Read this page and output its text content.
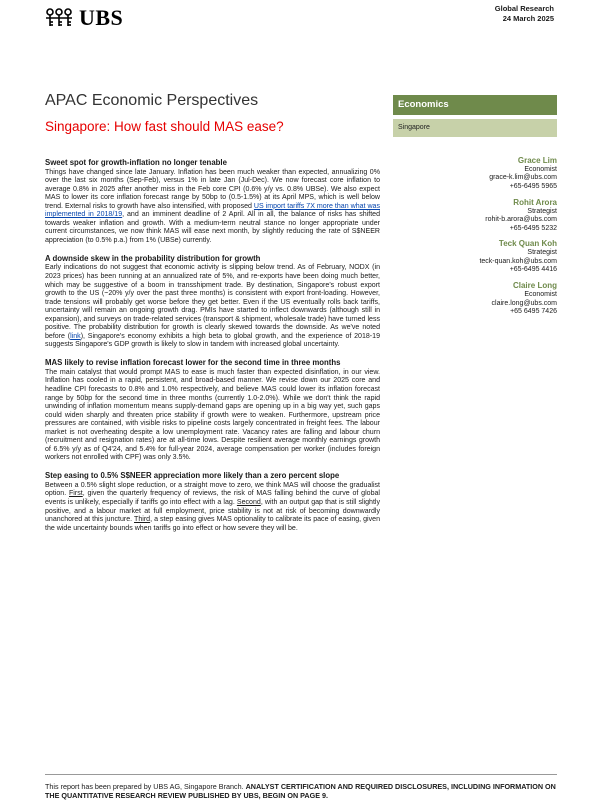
UBS	Global Research
24 March 2025
APAC Economic Perspectives
Singapore: How fast should MAS ease?
Economics
Singapore
Grace Lim
Economist
grace-k.lim@ubs.com
+65-6495 5965
Rohit Arora
Strategist
rohit-b.arora@ubs.com
+65-6495 5232
Teck Quan Koh
Strategist
teck-quan.koh@ubs.com
+65-6495 4416
Claire Long
Economist
claire.long@ubs.com
+65 6495 7426
Sweet spot for growth-inflation no longer tenable

Things have changed since late January. Inflation has been much weaker than expected, annualizing 0% over the last six months (Sep-Feb), versus 1% in late Jan (Jul-Dec). We now forecast core inflation to average 0.8% in 2025 after another miss in the Feb core CPI (0.6% y/y vs. 0.8% UBSe). We also expect MAS to lower its core inflation forecast range by 50bp to (0.5-1.5%) at its April MPS, which is well below trend. External risks to growth have also intensified, with proposed US import tariffs 7X more than what was implemented in 2018/19, and an imminent deadline of 2 April. All in all, the balance of risks has shifted towards weaker inflation and growth. With a medium-term neutral stance no longer appropriate under current circumstances, we now think MAS will ease next month, by slightly reducing the rate of S$NEER appreciation (to 0.5% p.a.) from 1% (UBSe) currently.

A downside skew in the probability distribution for growth

Early indications do not suggest that economic activity is slipping below trend. As of February, NODX (in 2023 prices) has been running at an annualized rate of 5%, and re-exports have been doing much better, which may be suggestive of a boom in transshipment trade. By destination, Singapore's robust export growth to the US (~20% y/y over the past three months) is consistent with export front-loading. However, trade tensions will probably get worse before they get better. Even if the US eventually rolls back tariffs, uncertainty will remain an ongoing growth drag. PMIs have started to inflect downwards (although still in expansion), and surveys on trade-related services (transport & shipment, wholesale trade) have turned less positive. The probability distribution for growth is clearly skewed towards the downside. As we've noted before (link), Singapore's economy exhibits a high beta to global growth, and the experience of 2018-19 suggests Singapore's GDP growth is likely to slow in tandem with increased global uncertainty.

MAS likely to revise inflation forecast lower for the second time in three months

The main catalyst that would prompt MAS to ease is much faster than expected disinflation, in our view. Inflation has cooled in a rapid, persistent, and broad-based manner. We revise down our 2025 core and headline CPI forecasts to 0.8% and 1.0% respectively, and believe MAS could lower its inflation forecast range by 50bp for the second time in three months (currently 1.0-2.0%). While we don't think the rapid unwinding of inflation momentum means supply-demand gaps are opening up in a big way yet, such gaps could widen sharply and threaten price stability if growth were to weaken. Furthermore, upstream price pressures are contained, with visible risks to pipeline costs largely concentrated in freight fees. The labour market is not overheating despite a low unemployment rate. Vacancy rates are falling and labour churn (recruitment and resignation rates) are at all-time lows. Despite resilient average monthly earnings growth of 6.5% y/y as of Q4'24, and 5.4% for full-year 2024, average compensation per worker (includes foreign workers not enrolled with CPF) was only 3.5%.

Step easing to 0.5% S$NEER appreciation more likely than a zero percent slope

Between a 0.5% slight slope reduction, or a straight move to zero, we think MAS will choose the gradualist option. First, given the quarterly frequency of reviews, the risk of MAS falling behind the curve of global events is unlikely, especially if tariffs go into effect with a lag. Second, with an output gap that is still slightly positive, and a labour market at full employment, price stability is not at risk of becoming downwardly unanchored at this juncture. Third, a step easing gives MAS optionality to calibrate its pace of easing, given the wide uncertainty bounds when tariffs go into effect or how severe they will be.

This report has been prepared by UBS AG, Singapore Branch. ANALYST CERTIFICATION AND REQUIRED DISCLOSURES, INCLUDING INFORMATION ON THE QUANTITATIVE RESEARCH REVIEW PUBLISHED BY UBS, BEGIN ON PAGE 9.
